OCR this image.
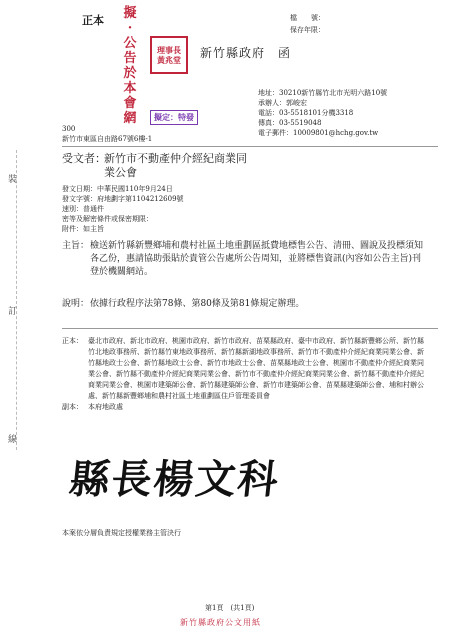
正本 擬
·
公
告
於
本
會
網
理事長黃兆堂	新竹縣政府　函
檔　　號：
保存年限：
地址：30210新竹縣竹北市光明六路10號
承辦人：郭峻宏
電話：03-5518101分機3318
傳真：03-5519048
電子郵件：10009801@hchg.gov.tw
擬定：特發
300
新竹市東區自由路67號6樓-1
受文者：
新竹市不動產仲介經紀商業同業公會
發文日期：中華民國110年9月24日
發文字號：府地劃字第1104212609號
速別：普通件
密等及解密條件或保密期限：
附件：如主旨
主旨： 檢送新竹縣新豐鄉埔和農村社區土地重劃區抵費地標售公告、清冊、圖說及投標須知各乙份，惠請協助張貼於貴管公告處所公告周知，並將標售資訊(內容如公告主旨)刊登於機關網站。
說明： 依據行政程序法第78條、第80條及第81條規定辦理。
正本： 臺北市政府、新北市政府、桃園市政府、新竹市政府、苗栗縣政府、臺中市政府、新竹縣新豐鄉公所、新竹縣竹北地政事務所、新竹縣竹東地政事務所、新竹縣新湖地政事務所、新竹市不動產仲介經紀商業同業公會、新竹縣地政士公會、新竹縣地政士公會、新竹市地政士公會、苗栗縣地政士公會、桃園市不動產仲介經紀商業同業公會、新竹縣不動產仲介經紀商業同業公會、新竹市不動產仲介經紀商業同業公會、新竹縣不動產仲介經紀商業同業公會、桃園市建築師公會、新竹縣建築師公會、新竹市建築師公會、苗栗縣建築師公會、埔和村辦公處、新竹縣新豐鄉埔和農村社區土地重劃區住戶管理委員會
副本： 本府地政處
縣長楊文科
本案依分層負責規定授權業務主管決行
第1頁　(共1頁)
新竹縣政府公文用紙
裝
訂
線
